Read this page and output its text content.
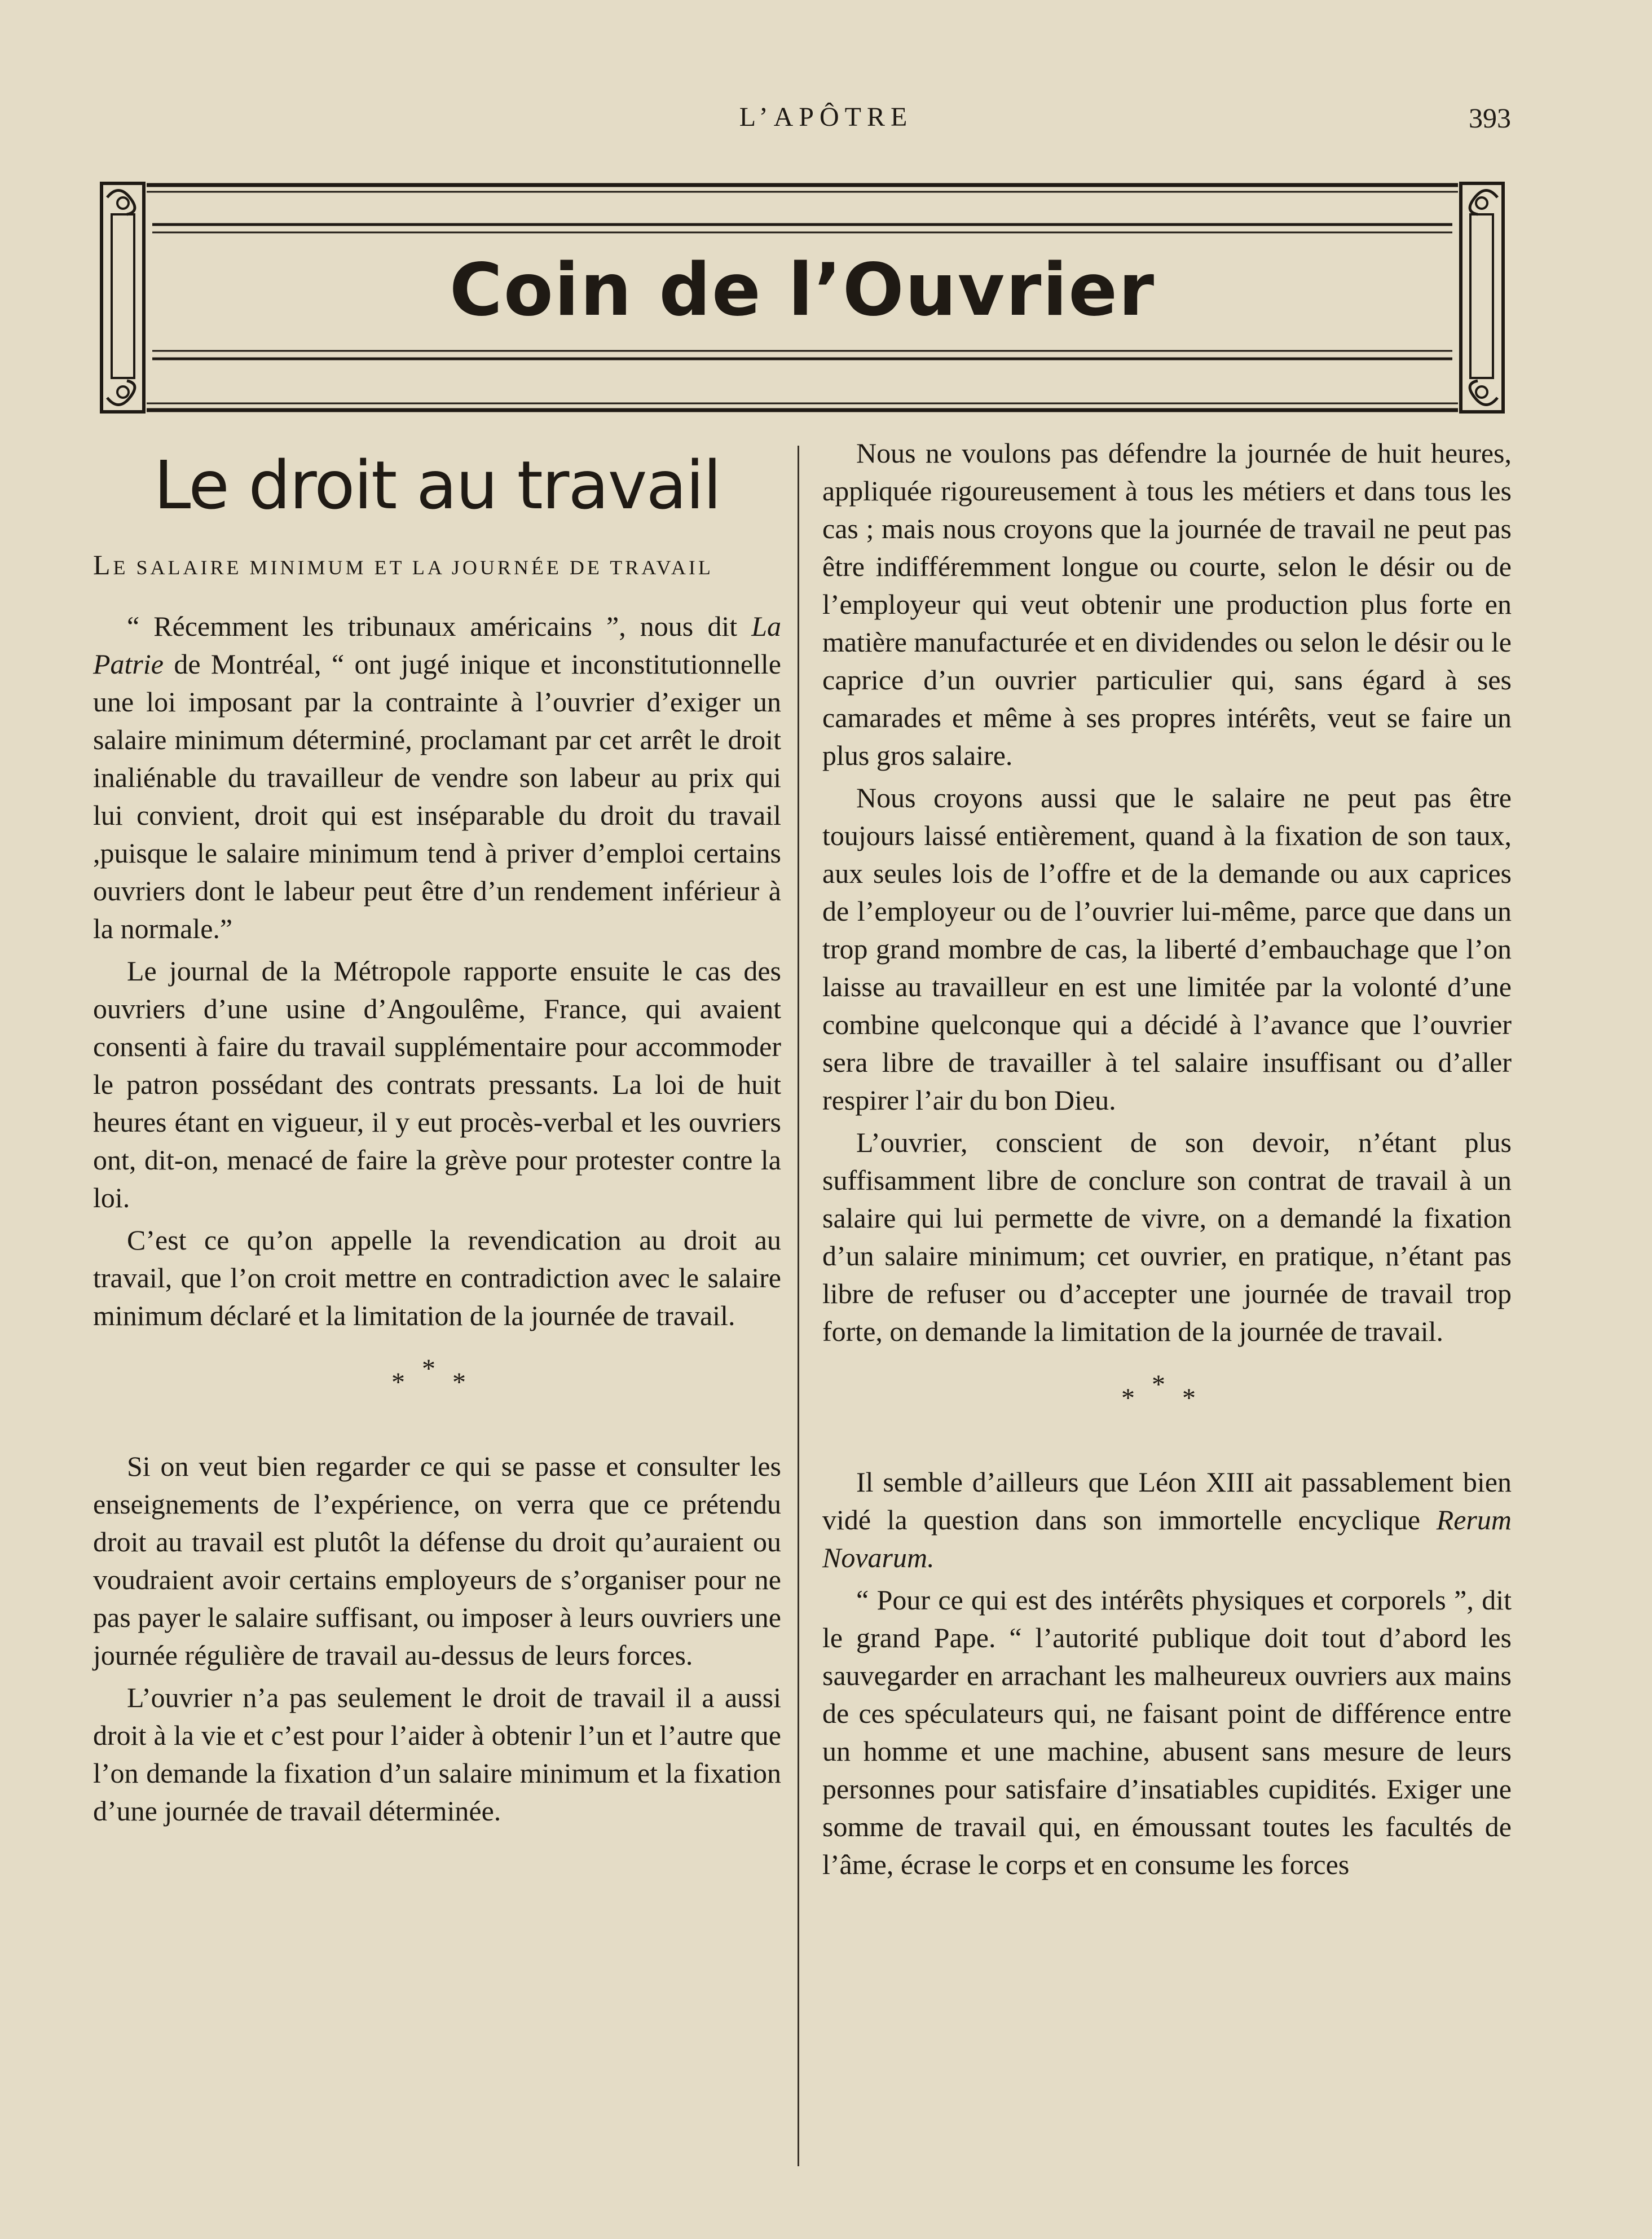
L’APÔTRE	393
Coin de l’Ouvrier
Le droit au travail
LE SALAIRE MINIMUM ET LA JOURNÉE DE TRAVAIL

“ Récemment les tribunaux américains ”, nous dit La Patrie de Montréal, “ ont jugé inique et inconstitutionnelle une loi imposant par la contrainte à l’ouvrier d’exiger un salaire minimum déterminé, proclamant par cet arrêt le droit inaliénable du travailleur de vendre son labeur au prix qui lui convient, droit qui est inséparable du droit du travail ,puisque le salaire minimum tend à priver d’emploi certains ouvriers dont le labeur peut être d’un rendement inférieur à la normale.”

Le journal de la Métropole rapporte ensuite le cas des ouvriers d’une usine d’Angoulême, France, qui avaient consenti à faire du travail supplémentaire pour accommoder le patron possédant des contrats pressants. La loi de huit heures étant en vigueur, il y eut procès-verbal et les ouvriers ont, dit-on, menacé de faire la grève pour protester contre la loi.

C’est ce qu’on appelle la revendication au droit au travail, que l’on croit mettre en contradiction avec le salaire minimum déclaré et la limitation de la journée de travail.

***

Si on veut bien regarder ce qui se passe et consulter les enseignements de l’expérience, on verra que ce prétendu droit au travail est plutôt la défense du droit qu’auraient ou voudraient avoir certains employeurs de s’organiser pour ne pas payer le salaire suffisant, ou imposer à leurs ouvriers une journée régulière de travail au-dessus de leurs forces.

L’ouvrier n’a pas seulement le droit de travail il a aussi droit à la vie et c’est pour l’aider à obtenir l’un et l’autre que l’on demande la fixation d’un salaire minimum et la fixation d’une journée de travail déterminée.

Nous ne voulons pas défendre la journée de huit heures, appliquée rigoureusement à tous les métiers et dans tous les cas ; mais nous croyons que la journée de travail ne peut pas être indifféremment longue ou courte, selon le désir ou de l’employeur qui veut obtenir une production plus forte en matière manufacturée et en dividendes ou selon le désir ou le caprice d’un ouvrier particulier qui, sans égard à ses camarades et même à ses propres intérêts, veut se faire un plus gros salaire.

Nous croyons aussi que le salaire ne peut pas être toujours laissé entièrement, quand à la fixation de son taux, aux seules lois de l’offre et de la demande ou aux caprices de l’employeur ou de l’ouvrier lui-même, parce que dans un trop grand mombre de cas, la liberté d’embauchage que l’on laisse au travailleur en est une limitée par la volonté d’une combine quelconque qui a décidé à l’avance que l’ouvrier sera libre de travailler à tel salaire insuffisant ou d’aller respirer l’air du bon Dieu.

L’ouvrier, conscient de son devoir, n’étant plus suffisamment libre de conclure son contrat de travail à un salaire qui lui permette de vivre, on a demandé la fixation d’un salaire minimum; cet ouvrier, en pratique, n’étant pas libre de refuser ou d’accepter une journée de travail trop forte, on demande la limitation de la journée de travail.

***

Il semble d’ailleurs que Léon XIII ait passablement bien vidé la question dans son immortelle encyclique Rerum Novarum.

“ Pour ce qui est des intérêts physiques et corporels ”, dit le grand Pape. “ l’autorité publique doit tout d’abord les sauvegarder en arrachant les malheureux ouvriers aux mains de ces spéculateurs qui, ne faisant point de différence entre un homme et une machine, abusent sans mesure de leurs personnes pour satisfaire d’insatiables cupidités. Exiger une somme de travail qui, en émoussant toutes les facultés de l’âme, écrase le corps et en consume les forces
